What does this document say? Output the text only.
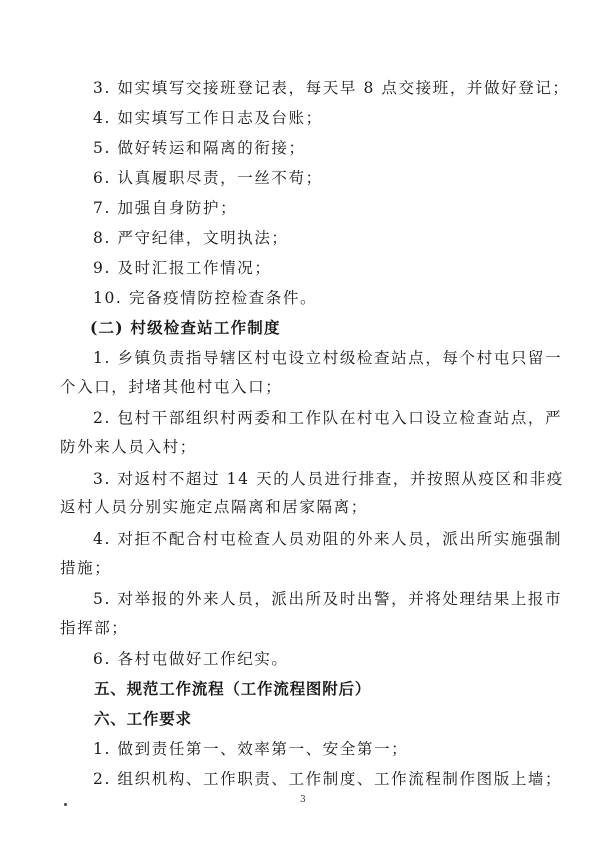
3. 如实填写交接班登记表，每天早 8 点交接班，并做好登记；
4. 如实填写工作日志及台账；
5. 做好转运和隔离的衔接；
6. 认真履职尽责，一丝不苟；
7. 加强自身防护；
8. 严守纪律，文明执法；
9. 及时汇报工作情况；
10. 完备疫情防控检查条件。
(二) 村级检查站工作制度
1. 乡镇负责指导辖区村屯设立村级检查站点，每个村屯只留一
个入口，封堵其他村屯入口；
2. 包村干部组织村两委和工作队在村屯入口设立检查站点，严
防外来人员入村；
3. 对返村不超过 14 天的人员进行排查，并按照从疫区和非疫
返村人员分别实施定点隔离和居家隔离；
4. 对拒不配合村屯检查人员劝阻的外来人员，派出所实施强制
措施；
5. 对举报的外来人员，派出所及时出警，并将处理结果上报市
指挥部；
6. 各村屯做好工作纪实。
五、规范工作流程（工作流程图附后）
六、工作要求
1. 做到责任第一、效率第一、安全第一；
2. 组织机构、工作职责、工作制度、工作流程制作图版上墙；
3
